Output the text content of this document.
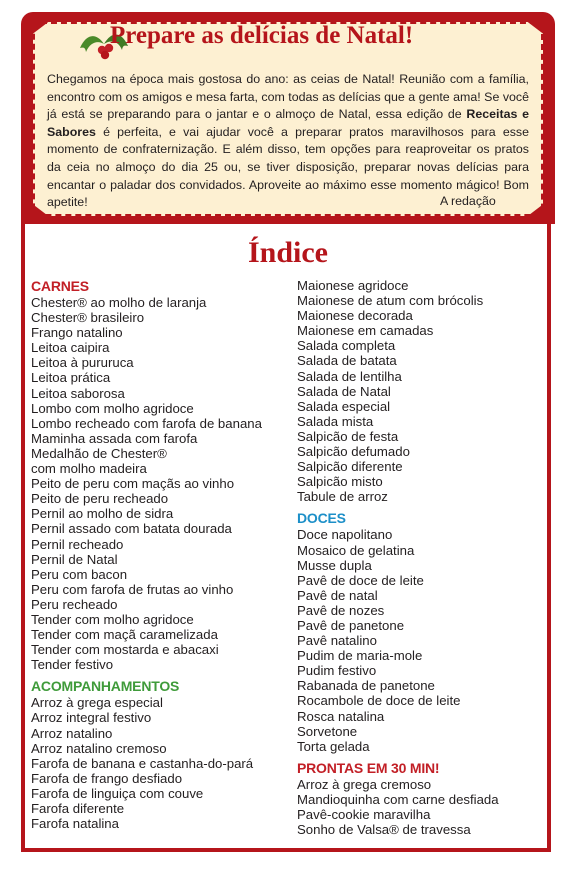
Prepare as delícias de Natal!
Chegamos na época mais gostosa do ano: as ceias de Natal! Reunião com a família, encontro com os amigos e mesa farta, com todas as delícias que a gente ama! Se você já está se preparando para o jantar e o almoço de Natal, essa edição de Receitas e Sabores é perfeita, e vai ajudar você a preparar pratos maravilhosos para esse momento de confraternização. E além disso, tem opções para reaproveitar os pratos da ceia no almoço do dia 25 ou, se tiver disposição, preparar novas delícias para encantar o paladar dos convidados. Aproveite ao máximo esse momento mágico! Bom apetite!	A redação
Índice
CARNES
Chester® ao molho de laranja
Chester® brasileiro
Frango natalino
Leitoa caipira
Leitoa à pururuca
Leitoa prática
Leitoa saborosa
Lombo com molho agridoce
Lombo recheado com farofa de banana
Maminha assada com farofa
Medalhão de Chester®
com molho madeira
Peito de peru com maçãs ao vinho
Peito de peru recheado
Pernil ao molho de sidra
Pernil assado com batata dourada
Pernil recheado
Pernil de Natal
Peru com bacon
Peru com farofa de frutas ao vinho
Peru recheado
Tender com molho agridoce
Tender com maçã caramelizada
Tender com mostarda e abacaxi
Tender festivo
ACOMPANHAMENTOS
Arroz à grega especial
Arroz integral festivo
Arroz natalino
Arroz natalino cremoso
Farofa de banana e castanha-do-pará
Farofa de frango desfiado
Farofa de linguiça com couve
Farofa diferente
Farofa natalina
Maionese agridoce
Maionese de atum com brócolis
Maionese decorada
Maionese em camadas
Salada completa
Salada de batata
Salada de lentilha
Salada de Natal
Salada especial
Salada mista
Salpicão de festa
Salpicão defumado
Salpicão diferente
Salpicão misto
Tabule de arroz
DOCES
Doce napolitano
Mosaico de gelatina
Musse dupla
Pavê de doce de leite
Pavê de natal
Pavê de nozes
Pavê de panetone
Pavê natalino
Pudim de maria-mole
Pudim festivo
Rabanada de panetone
Rocambole de doce de leite
Rosca natalina
Sorvetone
Torta gelada
PRONTAS EM 30 MIN!
Arroz à grega cremoso
Mandioquinha com carne desfiada
Pavê-cookie maravilha
Sonho de Valsa® de travessa
